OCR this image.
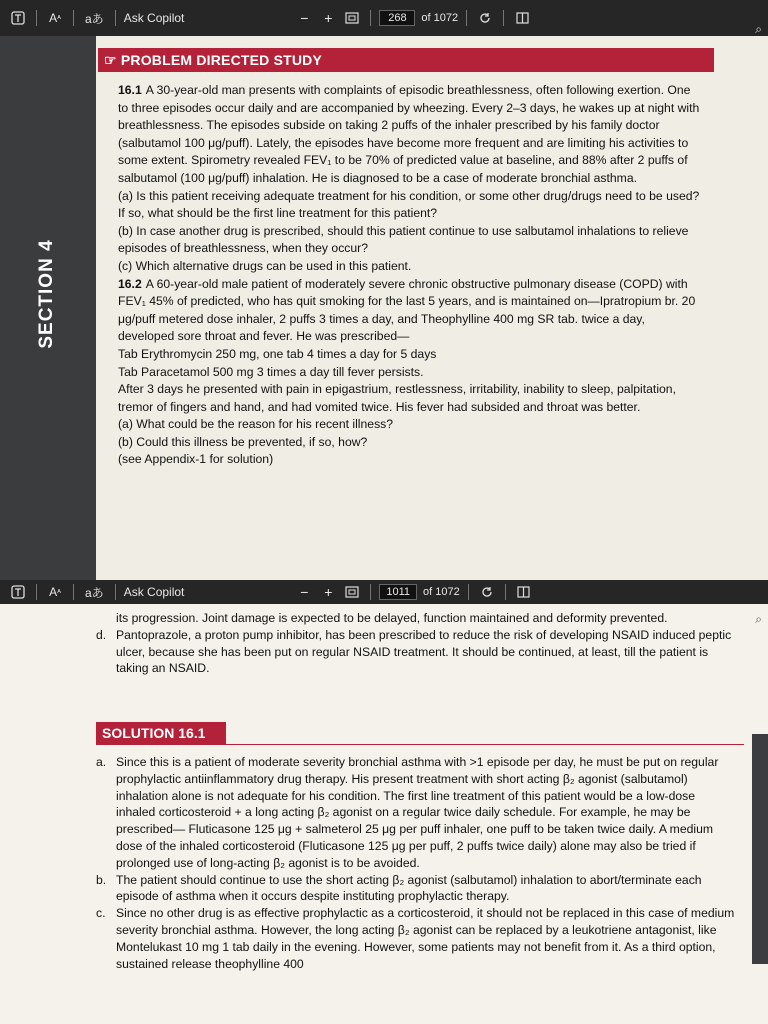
A ᴬ aあ Ask Copilot	−	+	268	of 1072
⌕
SECTION 4
☞ PROBLEM DIRECTED STUDY

16.1 A 30-year-old man presents with complaints of episodic breathlessness, often following exertion. One to three episodes occur daily and are accompanied by wheezing. Every 2–3 days, he wakes up at night with breathlessness. The episodes subside on taking 2 puffs of the inhaler prescribed by his family doctor (salbutamol 100 μg/puff). Lately, the episodes have become more frequent and are limiting his activities to some extent. Spirometry revealed FEV₁ to be 70% of predicted value at baseline, and 88% after 2 puffs of salbutamol (100 μg/puff) inhalation. He is diagnosed to be a case of moderate bronchial asthma.

(a) Is this patient receiving adequate treatment for his condition, or some other drug/drugs need to be used? If so, what should be the first line treatment for this patient?

(b) In case another drug is prescribed, should this patient continue to use salbutamol inhalations to relieve episodes of breathlessness, when they occur?

(c) Which alternative drugs can be used in this patient.

16.2 A 60-year-old male patient of moderately severe chronic obstructive pulmonary disease (COPD) with FEV₁ 45% of predicted, who has quit smoking for the last 5 years, and is maintained on—Ipratropium br. 20 μg/puff metered dose inhaler, 2 puffs 3 times a day, and Theophylline 400 mg SR tab. twice a day, developed sore throat and fever. He was prescribed—

Tab Erythromycin 250 mg, one tab 4 times a day for 5 days

Tab Paracetamol 500 mg 3 times a day till fever persists.

After 3 days he presented with pain in epigastrium, restlessness, irritability, inability to sleep, palpitation, tremor of fingers and hand, and had vomited twice. His fever had subsided and throat was better.

(a) What could be the reason for his recent illness?

(b) Could this illness be prevented, if so, how?

(see Appendix-1 for solution)

A ᴬ aあ Ask Copilot	−	+	1011	of 1072
⌕
its progression. Joint damage is expected to be delayed, function maintained and deformity prevented.
d. Pantoprazole, a proton pump inhibitor, has been prescribed to reduce the risk of developing NSAID induced peptic ulcer, because she has been put on regular NSAID treatment. It should be continued, at least, till the patient is taking an NSAID.
SOLUTION 16.1
a. Since this is a patient of moderate severity bronchial asthma with >1 episode per day, he must be put on regular prophylactic antiinflammatory drug therapy. His present treatment with short acting β₂ agonist (salbutamol) inhalation alone is not adequate for his condition. The first line treatment of this patient would be a low-dose inhaled corticosteroid + a long acting β₂ agonist on a regular twice daily schedule. For example, he may be prescribed— Fluticasone 125 μg + salmeterol 25 μg per puff inhaler, one puff to be taken twice daily. A medium dose of the inhaled corticosteroid (Fluticasone 125 μg per puff, 2 puffs twice daily) alone may also be tried if prolonged use of long-acting β₂ agonist is to be avoided.
b. The patient should continue to use the short acting β₂ agonist (salbutamol) inhalation to abort/terminate each episode of asthma when it occurs despite instituting prophylactic therapy.
c. Since no other drug is as effective prophylactic as a corticosteroid, it should not be replaced in this case of medium severity bronchial asthma. However, the long acting β₂ agonist can be replaced by a leukotriene antagonist, like Montelukast 10 mg 1 tab daily in the evening. However, some patients may not benefit from it. As a third option, sustained release theophylline 400
